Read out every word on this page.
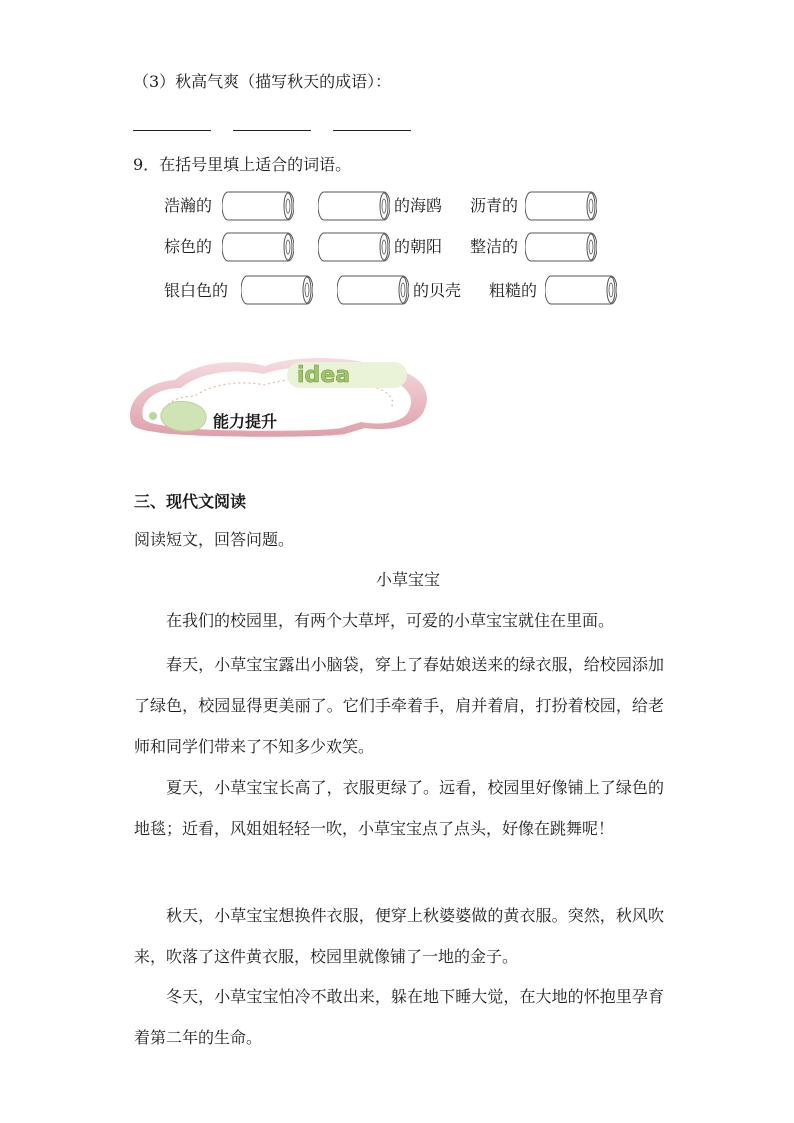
（3）秋高气爽（描写秋天的成语）：
9．在括号里填上适合的词语。
浩瀚的	的海鸥 沥青的
棕色的	的朝阳 整洁的
银白色的	的贝壳 粗糙的
idea
能力提升
三、现代文阅读
阅读短文，回答问题。
小草宝宝
在我们的校园里，有两个大草坪，可爱的小草宝宝就住在里面。
春天，小草宝宝露出小脑袋，穿上了春姑娘送来的绿衣服，给校园添加了绿色，校园显得更美丽了。它们手牵着手，肩并着肩，打扮着校园，给老师和同学们带来了不知多少欢笑。
夏天，小草宝宝长高了，衣服更绿了。远看，校园里好像铺上了绿色的地毯；近看，风姐姐轻轻一吹，小草宝宝点了点头，好像在跳舞呢！
秋天，小草宝宝想换件衣服，便穿上秋婆婆做的黄衣服。突然，秋风吹来，吹落了这件黄衣服，校园里就像铺了一地的金子。
冬天，小草宝宝怕冷不敢出来，躲在地下睡大觉，在大地的怀抱里孕育着第二年的生命。
